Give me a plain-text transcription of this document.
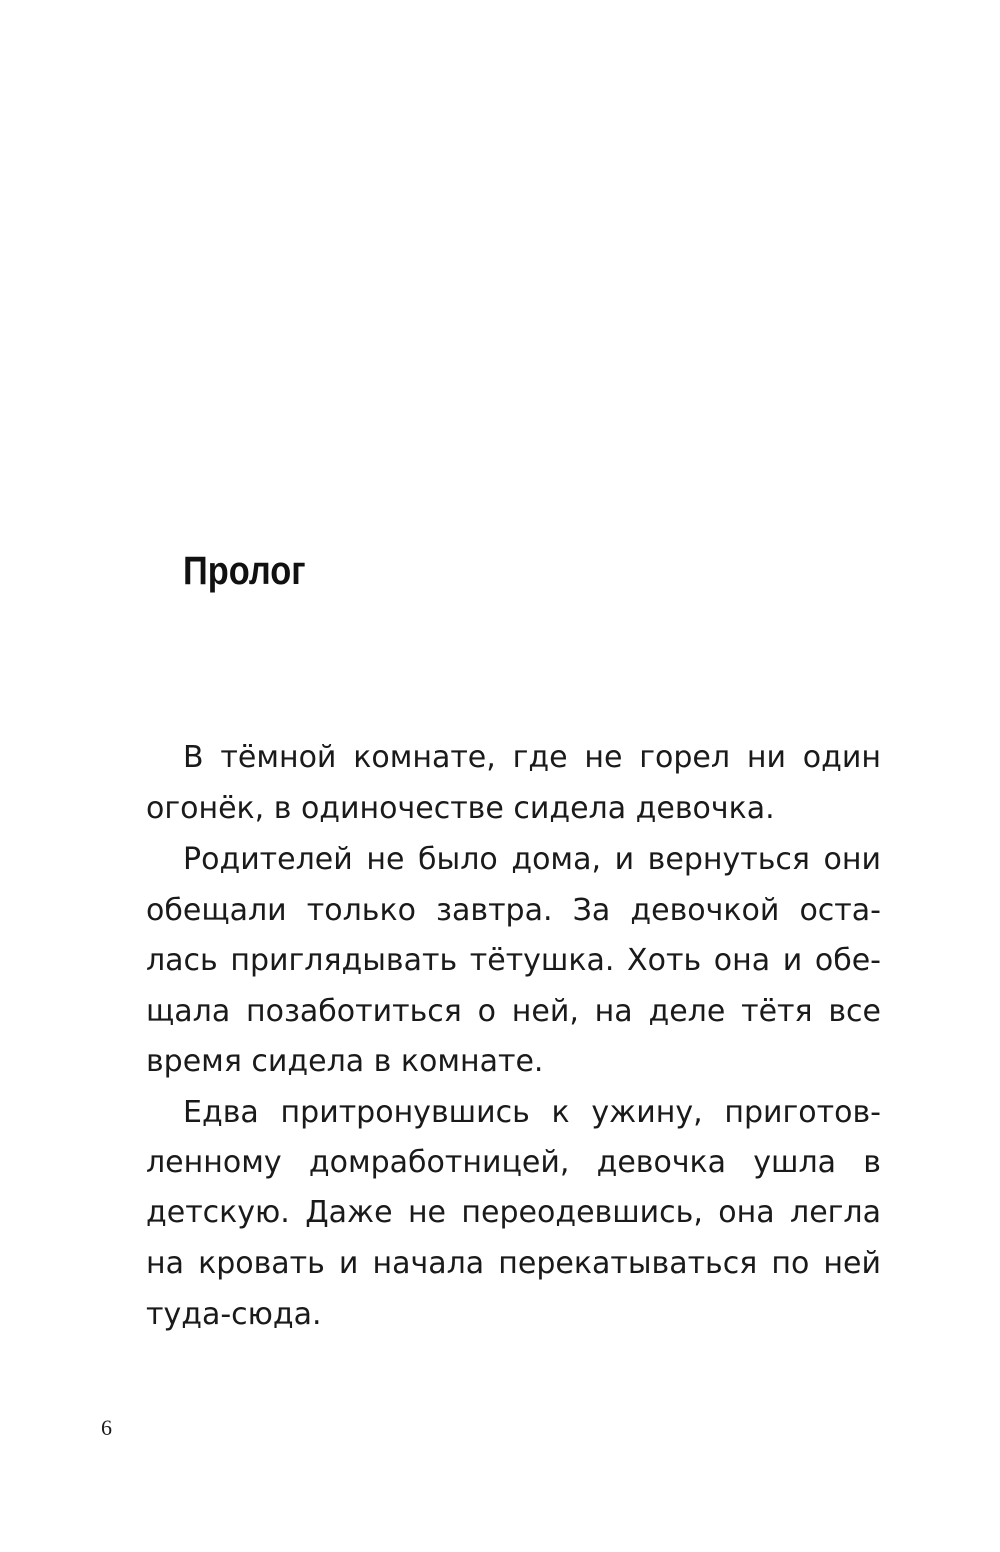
Пролог

В тёмной комнате, где не горел ни один

огонёк, в одиночестве сидела девочка.

Родителей не было дома, и вернуться они

обещали только завтра. За девочкой оста-

лась приглядывать тётушка. Хоть она и обе-

щала позаботиться о ней, на деле тётя все

время сидела в комнате.

Едва притронувшись к ужину, приготов-

ленному домработницей, девочка ушла в

детскую. Даже не переодевшись, она легла

на кровать и начала перекатываться по ней

туда-сюда.

6
